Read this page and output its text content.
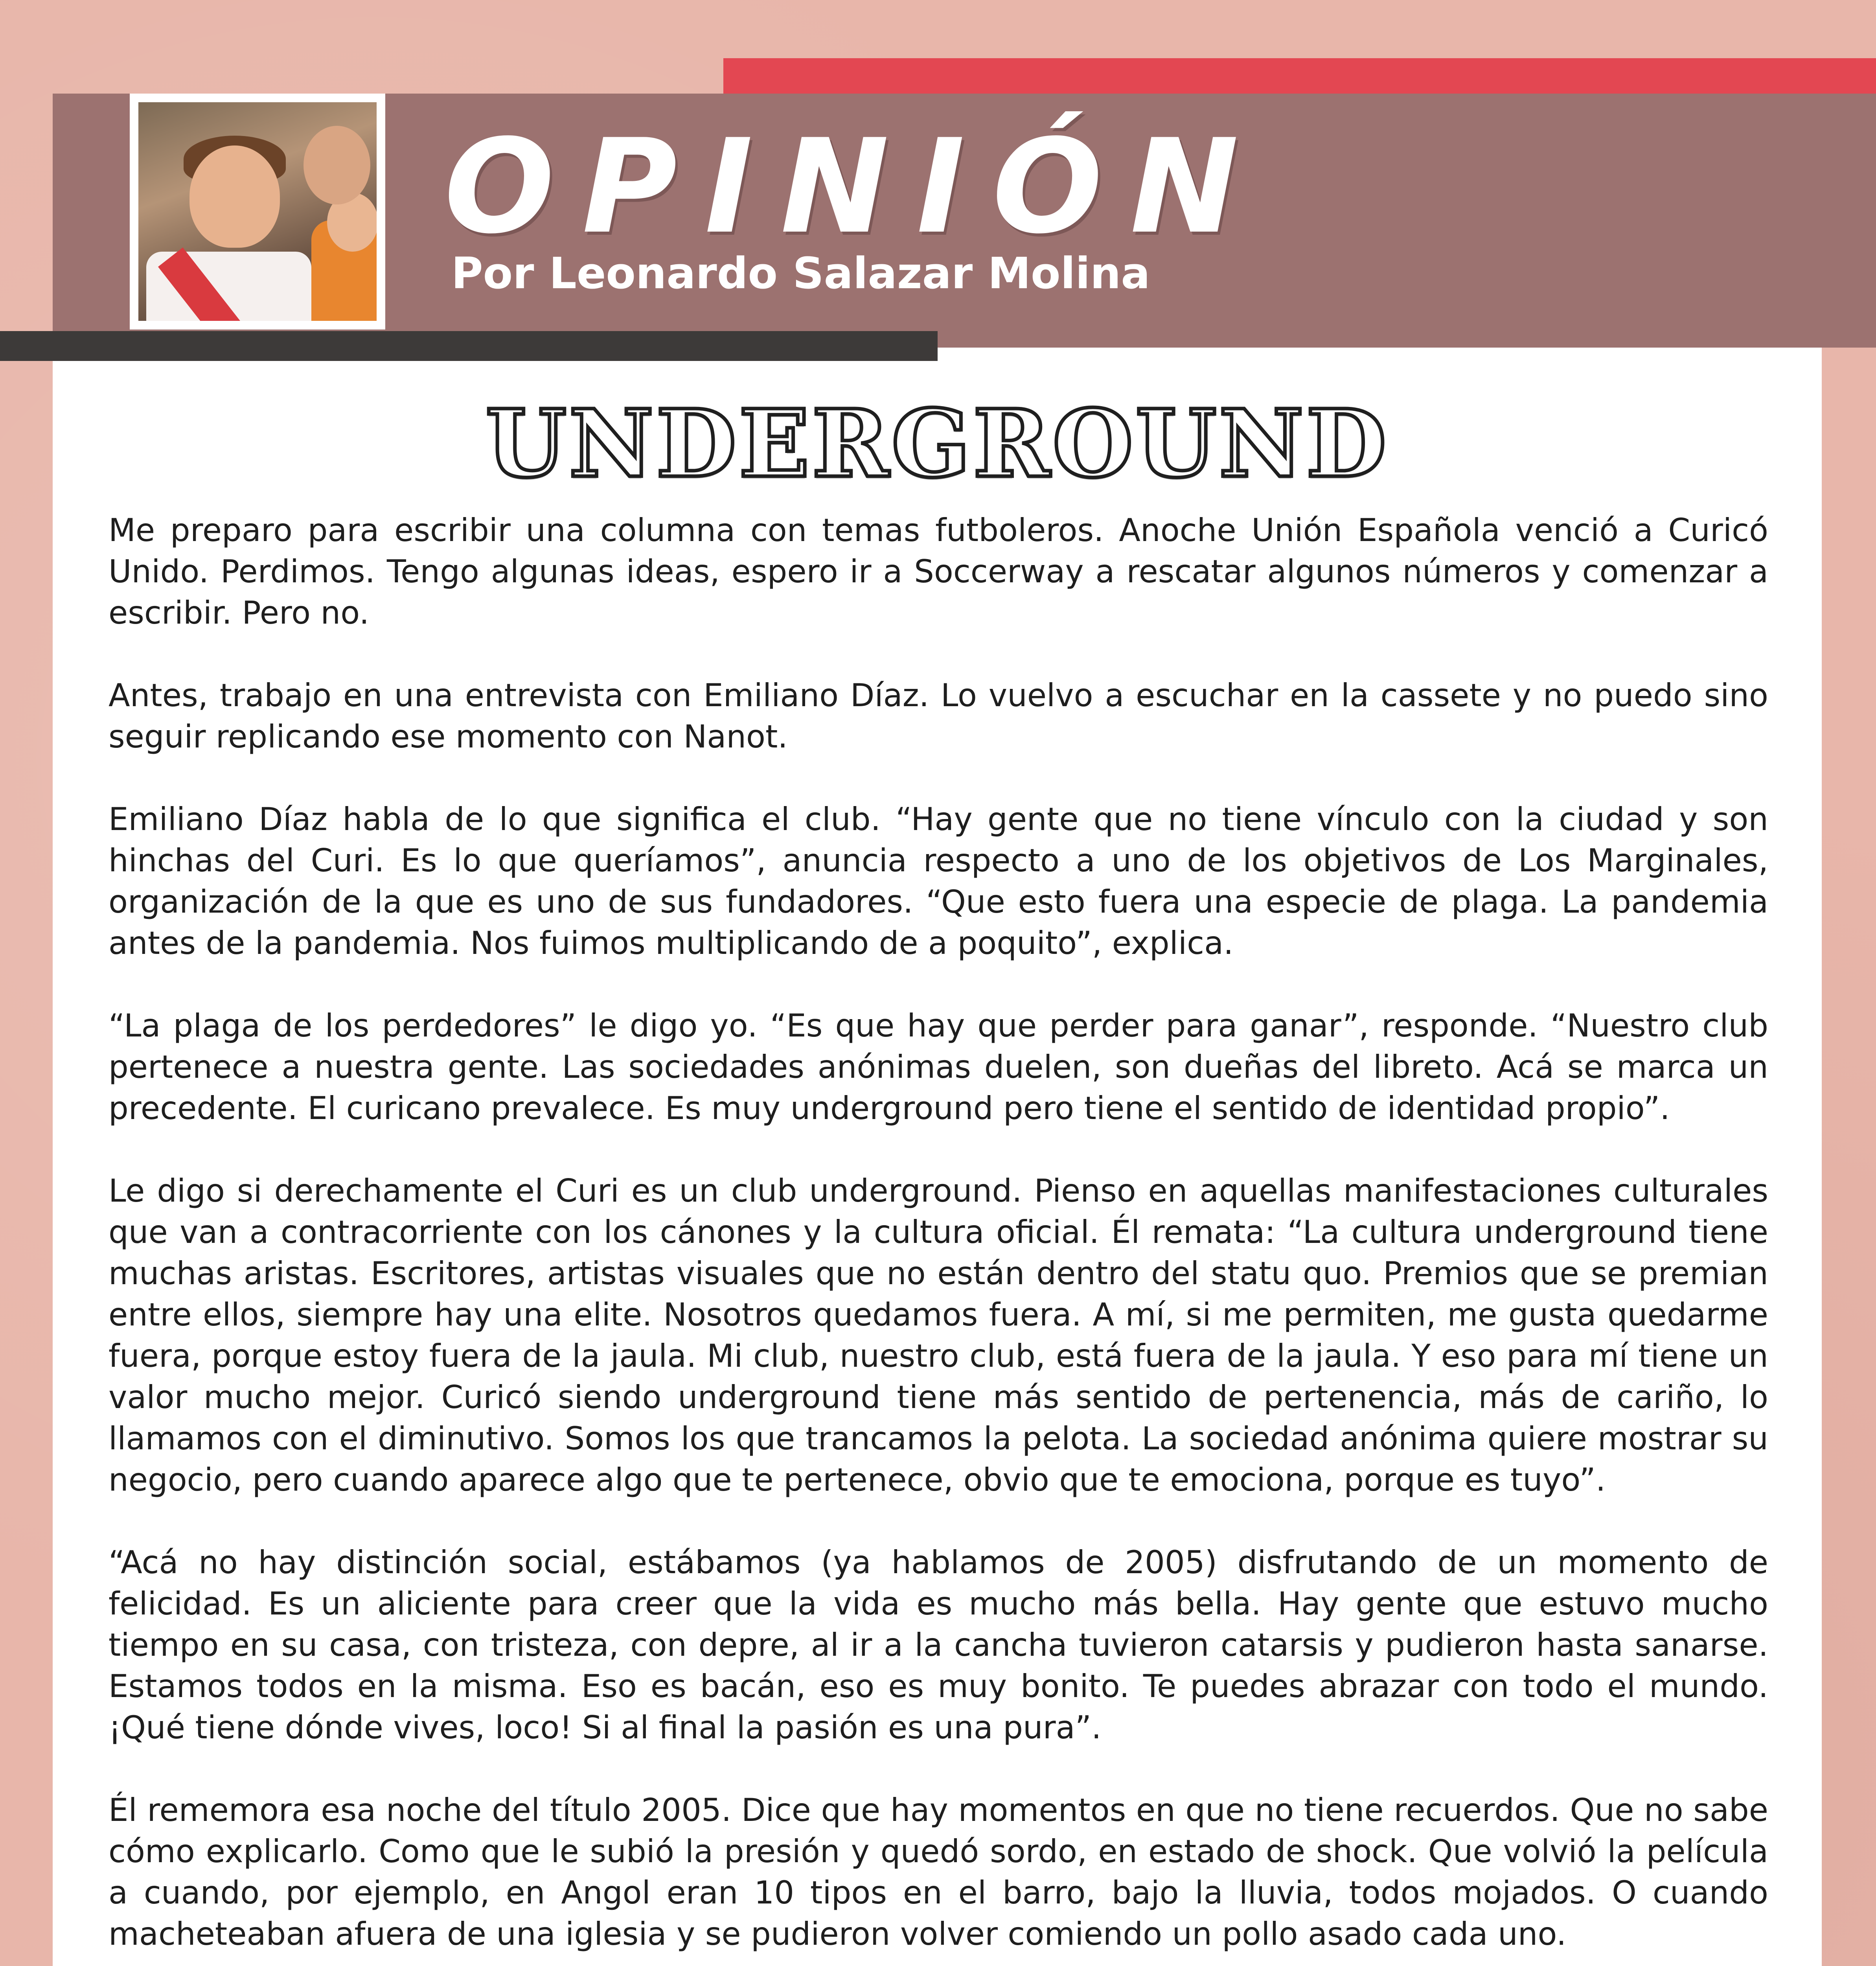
OPINIÓN
Por Leonardo Salazar Molina
UNDERGROUND

Me preparo para escribir una columna con temas futboleros. Anoche Unión Española venció a Curicó Unido. Perdimos. Tengo algunas ideas, espero ir a Soccerway a rescatar algunos números y comenzar a escribir. Pero no.

Antes, trabajo en una entrevista con Emiliano Díaz. Lo vuelvo a escuchar en la cassete y no puedo sino seguir replicando ese momento con Nanot.

Emiliano Díaz habla de lo que significa el club. “Hay gente que no tiene vínculo con la ciudad y son hinchas del Curi. Es lo que queríamos”, anuncia respecto a uno de los objetivos de Los Marginales, organización de la que es uno de sus fundadores. “Que esto fuera una especie de plaga. La pandemia antes de la pandemia. Nos fuimos multiplicando de a poquito”, explica.

“La plaga de los perdedores” le digo yo. “Es que hay que perder para ganar”, responde. “Nuestro club pertenece a nuestra gente. Las sociedades anónimas duelen, son dueñas del libreto. Acá se marca un precedente. El curicano prevalece. Es muy underground pero tiene el sentido de identidad propio”.

Le digo si derechamente el Curi es un club underground. Pienso en aquellas manifestaciones culturales que van a contracorriente con los cánones y la cultura oficial. Él remata: “La cultura underground tiene muchas aristas. Escritores, artistas visuales que no están dentro del statu quo. Premios que se premian entre ellos, siempre hay una elite. Nosotros quedamos fuera. A mí, si me permiten, me gusta quedarme fuera, porque estoy fuera de la jaula. Mi club, nuestro club, está fuera de la jaula. Y eso para mí tiene un valor mucho mejor. Curicó siendo underground tiene más sentido de pertenencia, más de cariño, lo llamamos con el diminutivo. Somos los que trancamos la pelota. La sociedad anónima quiere mostrar su negocio, pero cuando aparece algo que te pertenece, obvio que te emociona, porque es tuyo”.

“Acá no hay distinción social, estábamos (ya hablamos de 2005) disfrutando de un momento de felicidad. Es un aliciente para creer que la vida es mucho más bella. Hay gente que estuvo mucho tiempo en su casa, con tristeza, con depre, al ir a la cancha tuvieron catarsis y pudieron hasta sanarse. Estamos todos en la misma. Eso es bacán, eso es muy bonito. Te puedes abrazar con todo el mundo. ¡Qué tiene dónde vives, loco! Si al final la pasión es una pura”.

Él rememora esa noche del título 2005. Dice que hay momentos en que no tiene recuerdos. Que no sabe cómo explicarlo. Como que le subió la presión y quedó sordo, en estado de shock. Que volvió la película a cuando, por ejemplo, en Angol eran 10 tipos en el barro, bajo la lluvia, todos mojados. O cuando macheteaban afuera de una iglesia y se pudieron volver comiendo un pollo asado cada uno.
